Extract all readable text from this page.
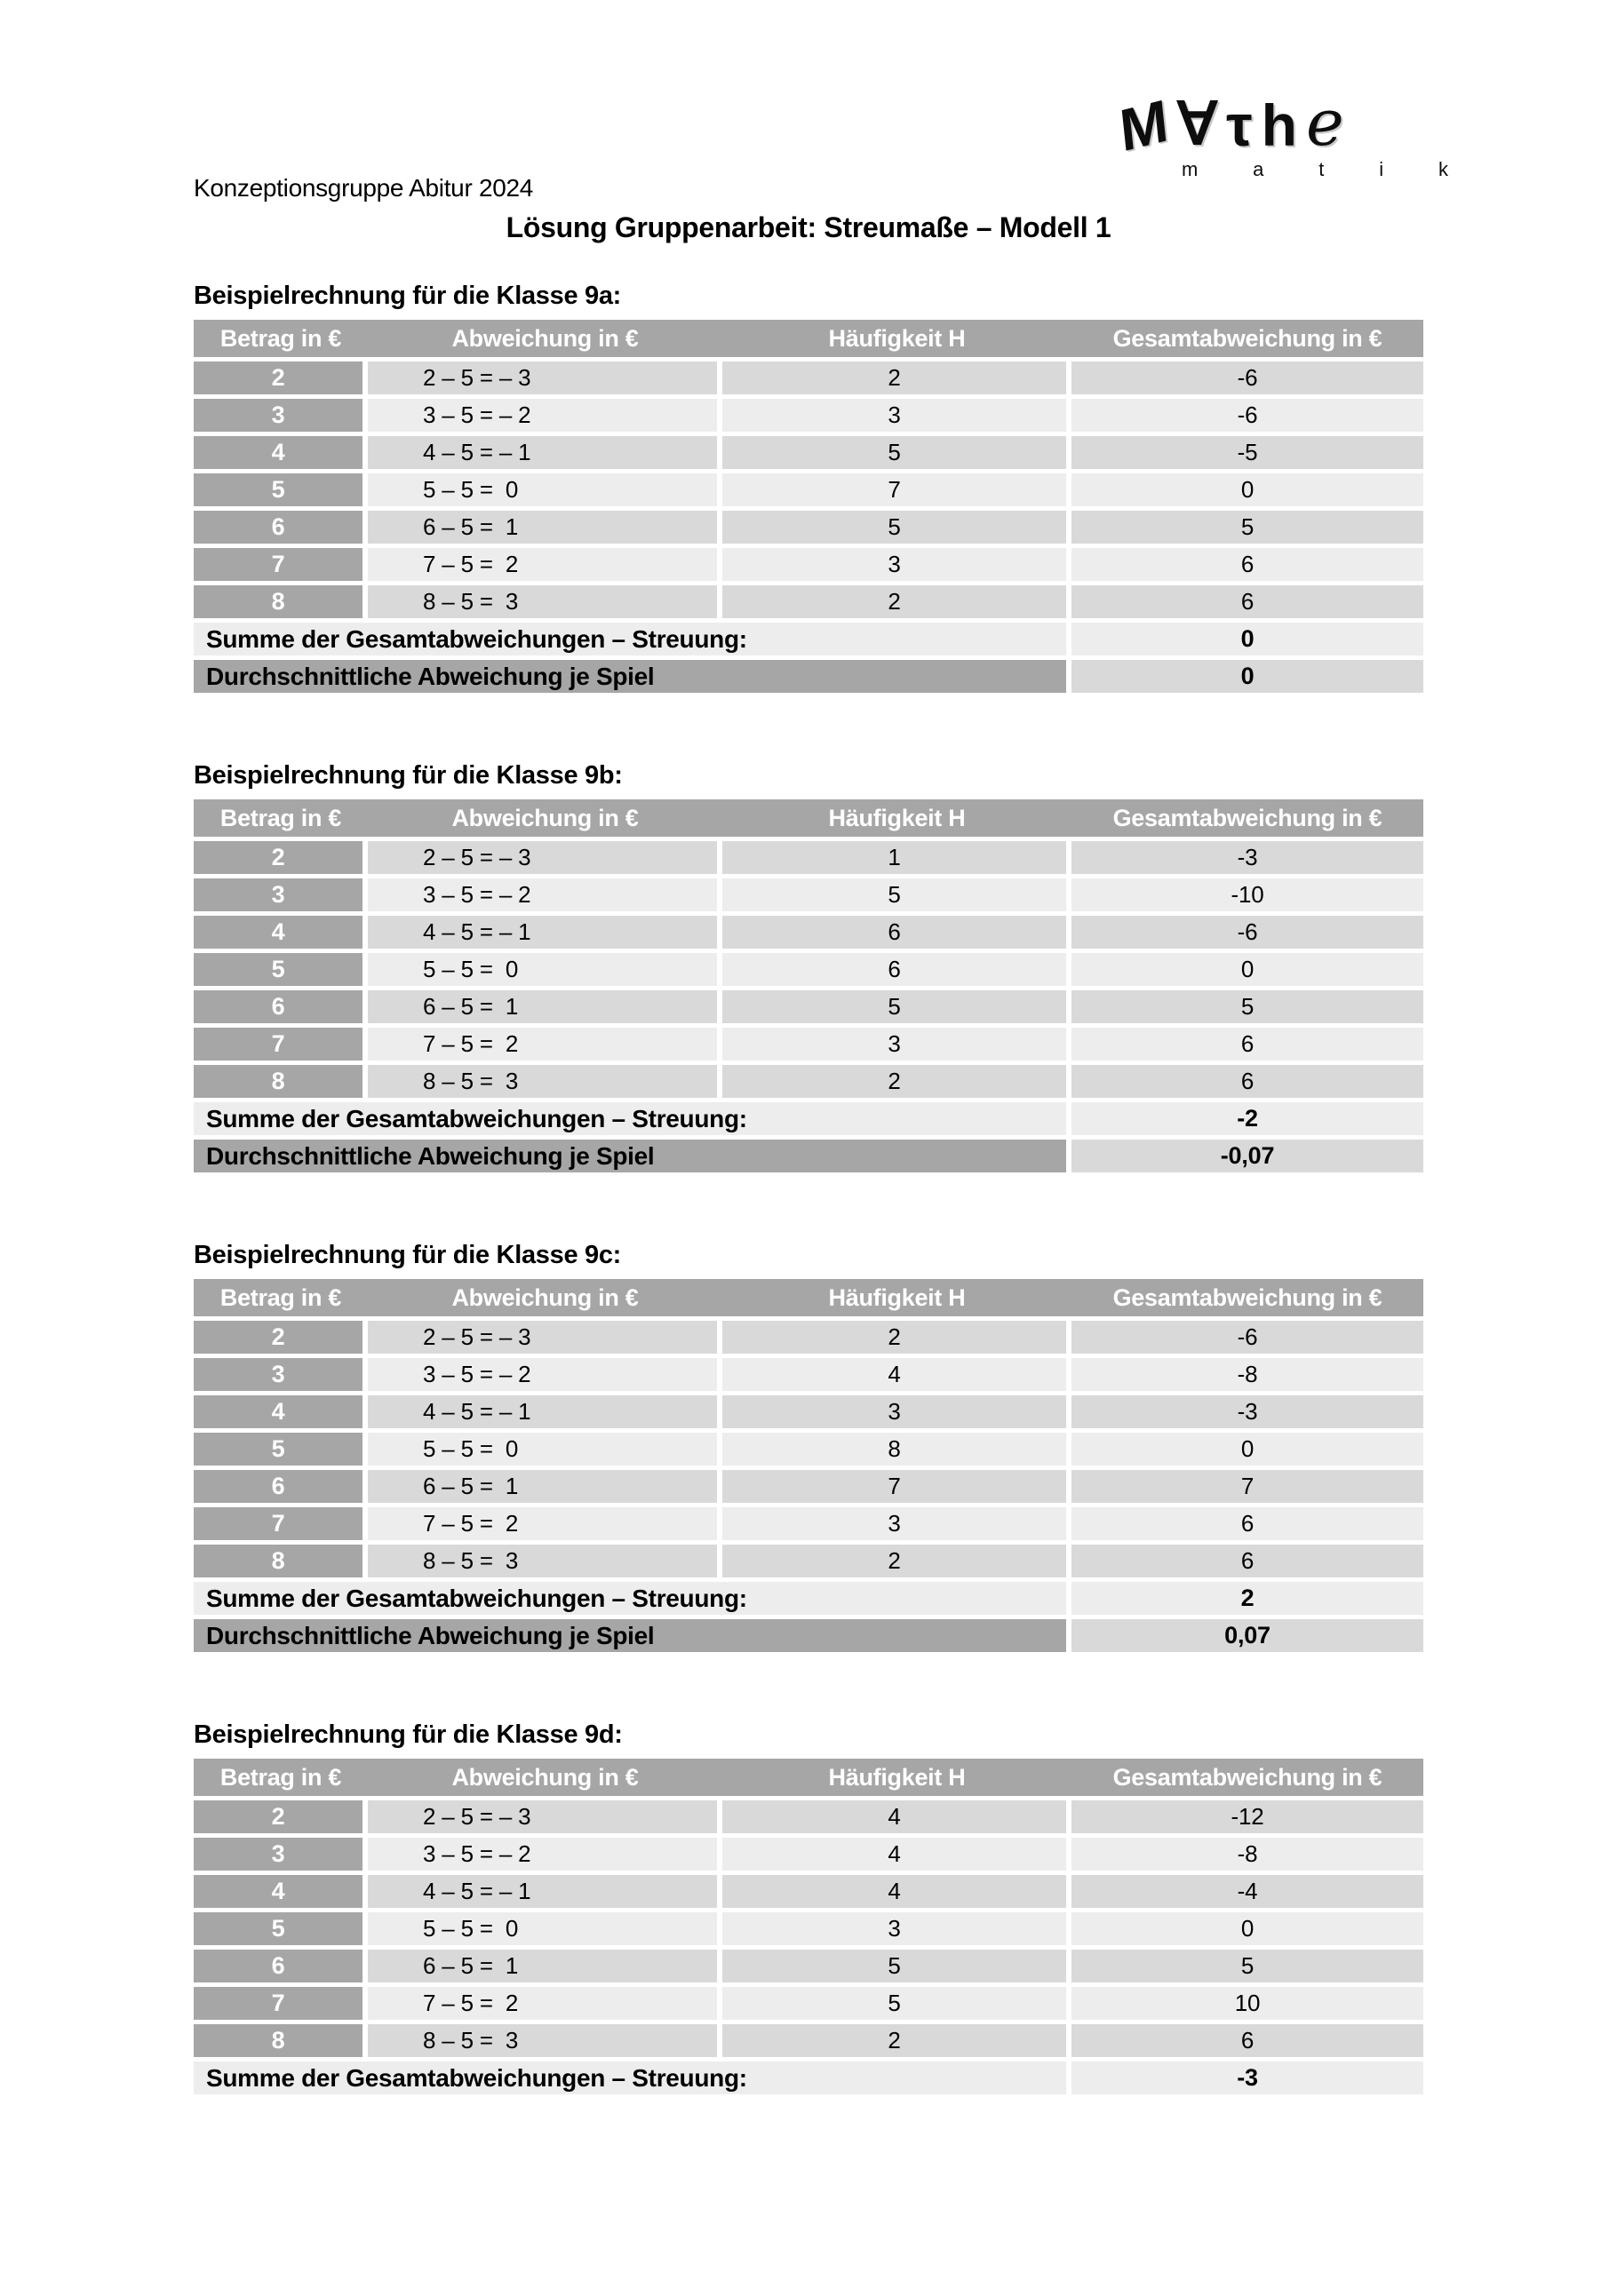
M ∀ τ h e
m	a	t	i	k
Konzeptionsgruppe Abitur 2024
Lösung Gruppenarbeit: Streumaße – Modell 1
Beispielrechnung für die Klasse 9a:
Betrag in €	Abweichung in €	Häufigkeit H	Gesamtabweichung in €
2	2 – 5 = – 3	2	-6
3	3 – 5 = – 2	3	-6
4	4 – 5 = – 1	5	-5
5	5 – 5 =  0	7	0
6	6 – 5 =  1	5	5
7	7 – 5 =  2	3	6
8	8 – 5 =  3	2	6
Summe der Gesamtabweichungen – Streuung:			0
Durchschnittliche Abweichung je Spiel			0
Beispielrechnung für die Klasse 9b:
Betrag in €	Abweichung in €	Häufigkeit H	Gesamtabweichung in €
2	2 – 5 = – 3	1	-3
3	3 – 5 = – 2	5	-10
4	4 – 5 = – 1	6	-6
5	5 – 5 =  0	6	0
6	6 – 5 =  1	5	5
7	7 – 5 =  2	3	6
8	8 – 5 =  3	2	6
Summe der Gesamtabweichungen – Streuung:			-2
Durchschnittliche Abweichung je Spiel			-0,07
Beispielrechnung für die Klasse 9c:
Betrag in €	Abweichung in €	Häufigkeit H	Gesamtabweichung in €
2	2 – 5 = – 3	2	-6
3	3 – 5 = – 2	4	-8
4	4 – 5 = – 1	3	-3
5	5 – 5 =  0	8	0
6	6 – 5 =  1	7	7
7	7 – 5 =  2	3	6
8	8 – 5 =  3	2	6
Summe der Gesamtabweichungen – Streuung:			2
Durchschnittliche Abweichung je Spiel			0,07
Beispielrechnung für die Klasse 9d:
Betrag in €	Abweichung in €	Häufigkeit H	Gesamtabweichung in €
2	2 – 5 = – 3	4	-12
3	3 – 5 = – 2	4	-8
4	4 – 5 = – 1	4	-4
5	5 – 5 =  0	3	0
6	6 – 5 =  1	5	5
7	7 – 5 =  2	5	10
8	8 – 5 =  3	2	6
Summe der Gesamtabweichungen – Streuung:			-3
